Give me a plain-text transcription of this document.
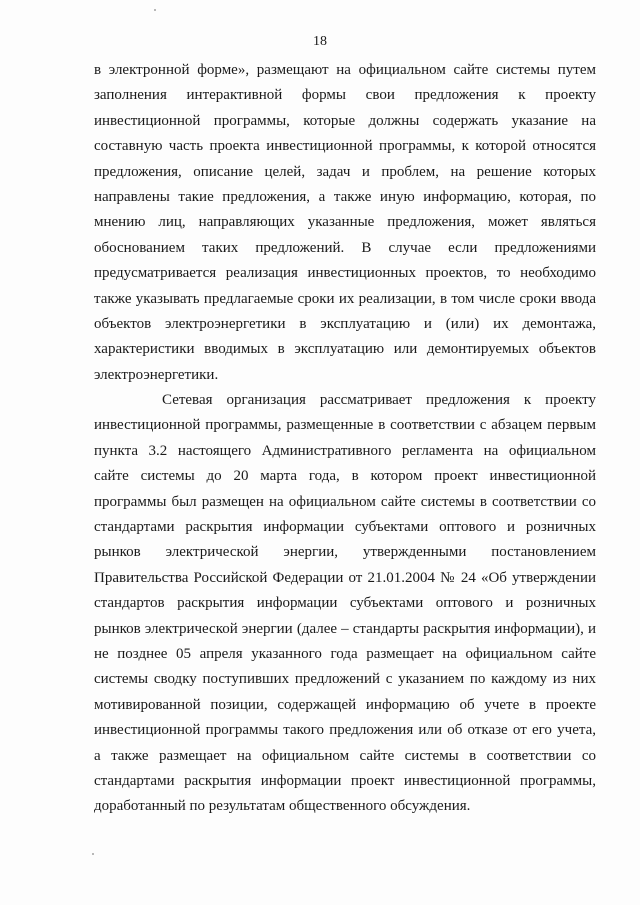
18
в электронной форме», размещают на официальном сайте системы путем
заполнения интерактивной формы свои предложения к проекту
инвестиционной программы, которые должны содержать указание на
составную часть проекта инвестиционной программы, к которой относятся
предложения, описание целей, задач и проблем, на решение которых
направлены такие предложения, а также иную информацию, которая, по
мнению лиц, направляющих указанные предложения, может являться
обоснованием таких предложений. В случае если предложениями
предусматривается реализация инвестиционных проектов, то необходимо
также указывать предлагаемые сроки их реализации, в том числе сроки ввода
объектов электроэнергетики в эксплуатацию и (или) их демонтажа,
характеристики вводимых в эксплуатацию или демонтируемых объектов
электроэнергетики.
Сетевая организация рассматривает предложения к проекту
инвестиционной программы, размещенные в соответствии с абзацем первым
пункта 3.2 настоящего Административного регламента на официальном
сайте системы до 20 марта года, в котором проект инвестиционной
программы был размещен на официальном сайте системы в соответствии со
стандартами раскрытия информации субъектами оптового и розничных
рынков электрической энергии, утвержденными постановлением
Правительства Российской Федерации от 21.01.2004 № 24 «Об утверждении
стандартов раскрытия информации субъектами оптового и розничных
рынков электрической энергии (далее – стандарты раскрытия информации), и
не позднее 05 апреля указанного года размещает на официальном сайте
системы сводку поступивших предложений с указанием по каждому из них
мотивированной позиции, содержащей информацию об учете в проекте
инвестиционной программы такого предложения или об отказе от его учета,
а также размещает на официальном сайте системы в соответствии со
стандартами раскрытия информации проект инвестиционной программы,
доработанный по результатам общественного обсуждения.
